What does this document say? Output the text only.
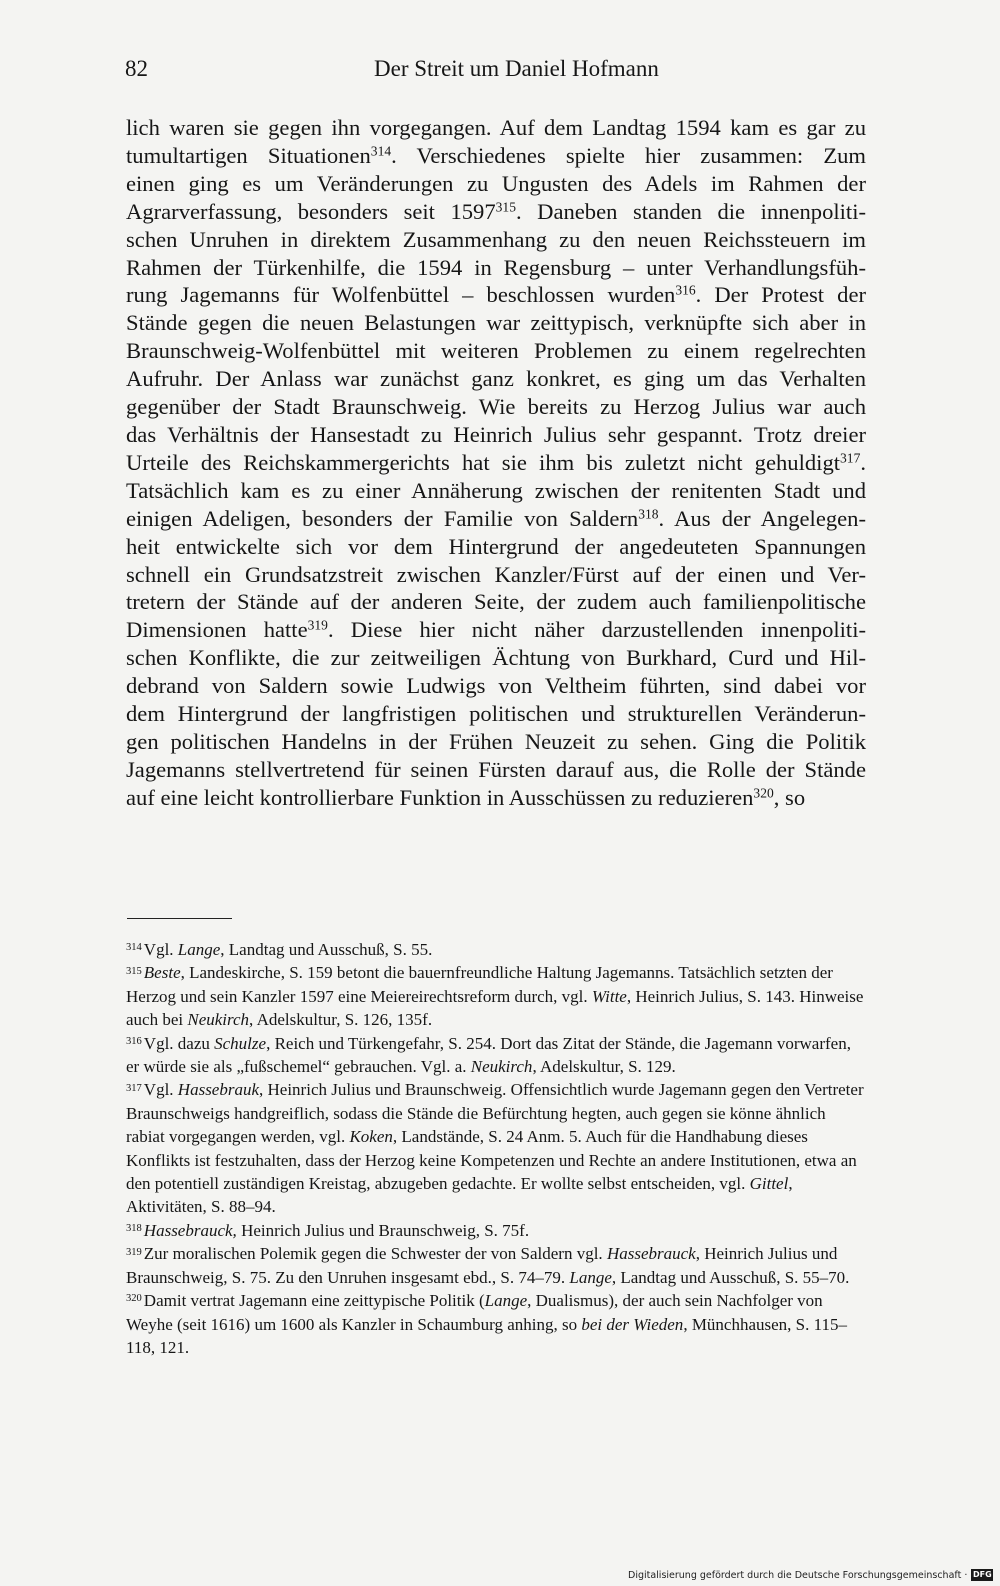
82	Der Streit um Daniel Hofmann
lich waren sie gegen ihn vorgegangen. Auf dem Landtag 1594 kam es gar zu
tumultartigen Situationen$^{314}$. Verschiedenes spielte hier zusammen: Zum
einen ging es um Veränderungen zu Ungusten des Adels im Rahmen der
Agrarverfassung, besonders seit 1597$^{315}$. Daneben standen die innenpoliti-
schen Unruhen in direktem Zusammenhang zu den neuen Reichssteuern im
Rahmen der Türkenhilfe, die 1594 in Regensburg – unter Verhandlungsfüh-
rung Jagemanns für Wolfenbüttel – beschlossen wurden$^{316}$. Der Protest der
Stände gegen die neuen Belastungen war zeittypisch, verknüpfte sich aber in
Braunschweig-Wolfenbüttel mit weiteren Problemen zu einem regelrechten
Aufruhr. Der Anlass war zunächst ganz konkret, es ging um das Verhalten
gegenüber der Stadt Braunschweig. Wie bereits zu Herzog Julius war auch
das Verhältnis der Hansestadt zu Heinrich Julius sehr gespannt. Trotz dreier
Urteile des Reichskammergerichts hat sie ihm bis zuletzt nicht gehuldigt$^{317}$.
Tatsächlich kam es zu einer Annäherung zwischen der renitenten Stadt und
einigen Adeligen, besonders der Familie von Saldern$^{318}$. Aus der Angelegen-
heit entwickelte sich vor dem Hintergrund der angedeuteten Spannungen
schnell ein Grundsatzstreit zwischen Kanzler/Fürst auf der einen und Ver-
tretern der Stände auf der anderen Seite, der zudem auch familienpolitische
Dimensionen hatte$^{319}$. Diese hier nicht näher darzustellenden innenpoliti-
schen Konflikte, die zur zeitweiligen Ächtung von Burkhard, Curd und Hil-
debrand von Saldern sowie Ludwigs von Veltheim führten, sind dabei vor
dem Hintergrund der langfristigen politischen und strukturellen Veränderun-
gen politischen Handelns in der Frühen Neuzeit zu sehen. Ging die Politik
Jagemanns stellvertretend für seinen Fürsten darauf aus, die Rolle der Stände
auf eine leicht kontrollierbare Funktion in Ausschüssen zu reduzieren$^{320}$, so
$^{314}$ Vgl. Lange, Landtag und Ausschuß, S. 55.
$^{315}$ Beste, Landeskirche, S. 159 betont die bauernfreundliche Haltung Jagemanns. Tatsächlich setzten der Herzog und sein Kanzler 1597 eine Meiereirechtsreform durch, vgl. Witte, Heinrich Julius, S. 143. Hinweise auch bei Neukirch, Adelskultur, S. 126, 135f.
$^{316}$ Vgl. dazu Schulze, Reich und Türkengefahr, S. 254. Dort das Zitat der Stände, die Jagemann vorwarfen, er würde sie als „fußschemel“ gebrauchen. Vgl. a. Neukirch, Adelskultur, S. 129.
$^{317}$ Vgl. Hassebrauk, Heinrich Julius und Braunschweig. Offensichtlich wurde Jagemann gegen den Vertreter Braunschweigs handgreiflich, sodass die Stände die Befürchtung hegten, auch gegen sie könne ähnlich rabiat vorgegangen werden, vgl. Koken, Landstände, S. 24 Anm. 5. Auch für die Handhabung dieses Konflikts ist festzuhalten, dass der Herzog keine Kompetenzen und Rechte an andere Institutionen, etwa an den potentiell zuständigen Kreistag, abzugeben gedachte. Er wollte selbst entscheiden, vgl. Gittel, Aktivitäten, S. 88–94.
$^{318}$ Hassebrauck, Heinrich Julius und Braunschweig, S. 75f.
$^{319}$ Zur moralischen Polemik gegen die Schwester der von Saldern vgl. Hassebrauck, Heinrich Julius und Braunschweig, S. 75. Zu den Unruhen insgesamt ebd., S. 74–79. Lange, Landtag und Ausschuß, S. 55–70.
$^{320}$ Damit vertrat Jagemann eine zeittypische Politik (Lange, Dualismus), der auch sein Nachfolger von Weyhe (seit 1616) um 1600 als Kanzler in Schaumburg anhing, so bei der Wieden, Münchhausen, S. 115–118, 121.
Digitalisierung gefördert durch die Deutsche Forschungsgemeinschaft · DFG
